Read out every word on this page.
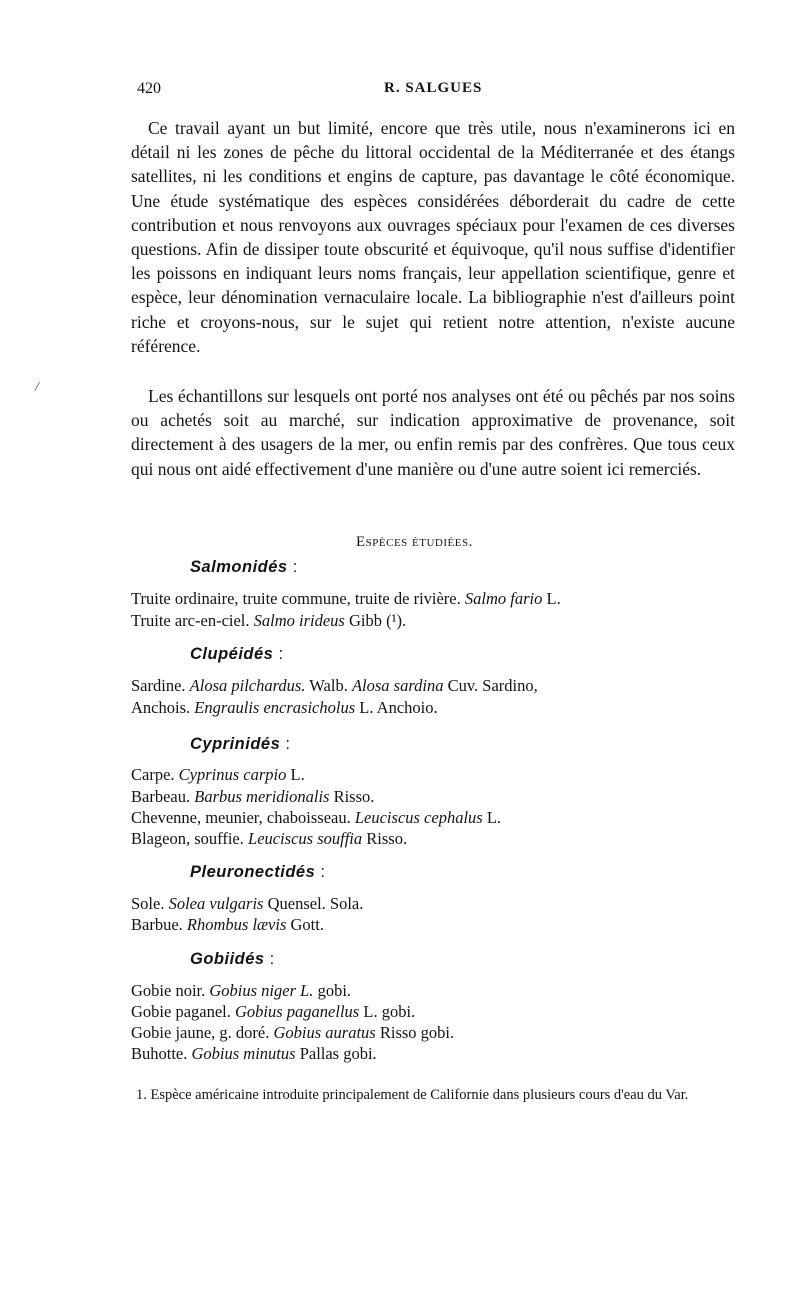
420	R. SALGUES
/

Ce travail ayant un but limité, encore que très utile, nous n'examinerons ici en détail ni les zones de pêche du littoral occidental de la Méditerranée et des étangs satellites, ni les conditions et engins de capture, pas davantage le côté économique. Une étude systématique des espèces considérées déborderait du cadre de cette contribution et nous renvoyons aux ouvrages spéciaux pour l'examen de ces diverses questions. Afin de dissiper toute obscurité et équivoque, qu'il nous suffise d'identifier les poissons en indiquant leurs noms français, leur appellation scientifique, genre et espèce, leur dénomination vernaculaire locale. La bibliographie n'est d'ailleurs point riche et croyons-nous, sur le sujet qui retient notre attention, n'existe aucune référence.

Les échantillons sur lesquels ont porté nos analyses ont été ou pêchés par nos soins ou achetés soit au marché, sur indication approximative de provenance, soit directement à des usagers de la mer, ou enfin remis par des confrères. Que tous ceux qui nous ont aidé effectivement d'une manière ou d'une autre soient ici remerciés.

Espèces étudiées.
Salmonidés :
Truite ordinaire, truite commune, truite de rivière. Salmo fario L.
Truite arc-en-ciel. Salmo irideus Gibb (¹).
Clupéidés :
Sardine. Alosa pilchardus. Walb. Alosa sardina Cuv. Sardino,
Anchois. Engraulis encrasicholus L. Anchoio.
Cyprinidés :
Carpe. Cyprinus carpio L.
Barbeau. Barbus meridionalis Risso.
Chevenne, meunier, chaboisseau. Leuciscus cephalus L.
Blageon, souffie. Leuciscus souffia Risso.
Pleuronectidés :
Sole. Solea vulgaris Quensel. Sola.
Barbue. Rhombus lævis Gott.
Gobiidés :
Gobie noir. Gobius niger L. gobi.
Gobie paganel. Gobius paganellus L. gobi.
Gobie jaune, g. doré. Gobius auratus Risso gobi.
Buhotte. Gobius minutus Pallas gobi.

1. Espèce américaine introduite principalement de Californie dans plusieurs cours d'eau du Var.
